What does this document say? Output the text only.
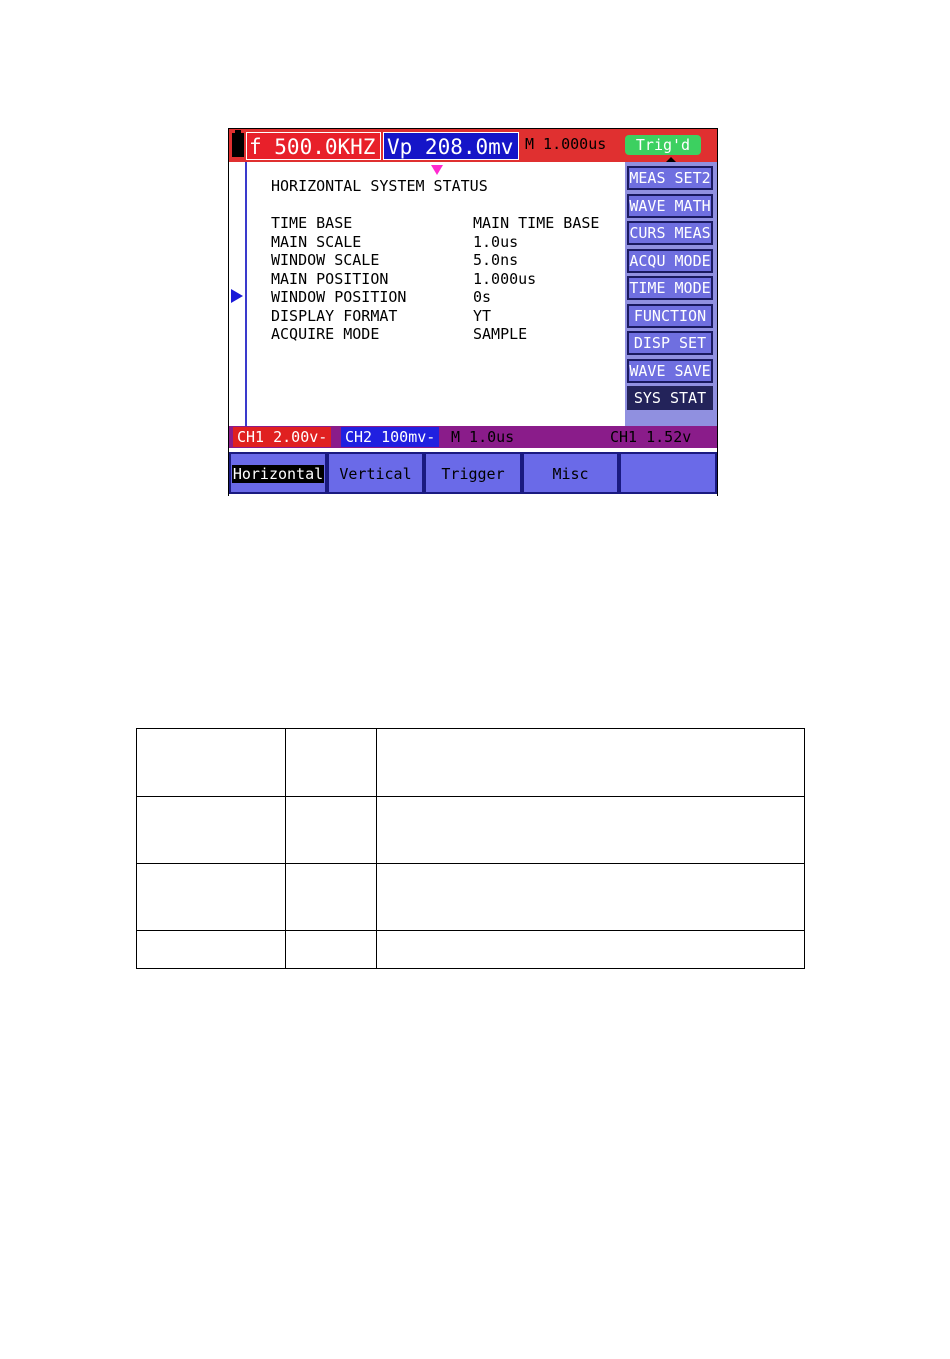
f 500.0KHZ Vp 208.0mv M 1.000us	Trig'd
HORIZONTAL SYSTEM STATUS
TIME BASE	MAIN TIME BASE
MAIN SCALE	1.0us
WINDOW SCALE	5.0ns
MAIN POSITION	1.000us
WINDOW POSITION	0s
DISPLAY FORMAT	YT
ACQUIRE MODE	SAMPLE
MEAS SET2
WAVE MATH
CURS MEAS
ACQU MODE
TIME MODE
FUNCTION
DISP SET
WAVE SAVE
SYS STAT
CH1 2.00v- CH2 100mv- M 1.0us	CH1 1.52v
Horizontal	Vertical	Trigger	Misc
